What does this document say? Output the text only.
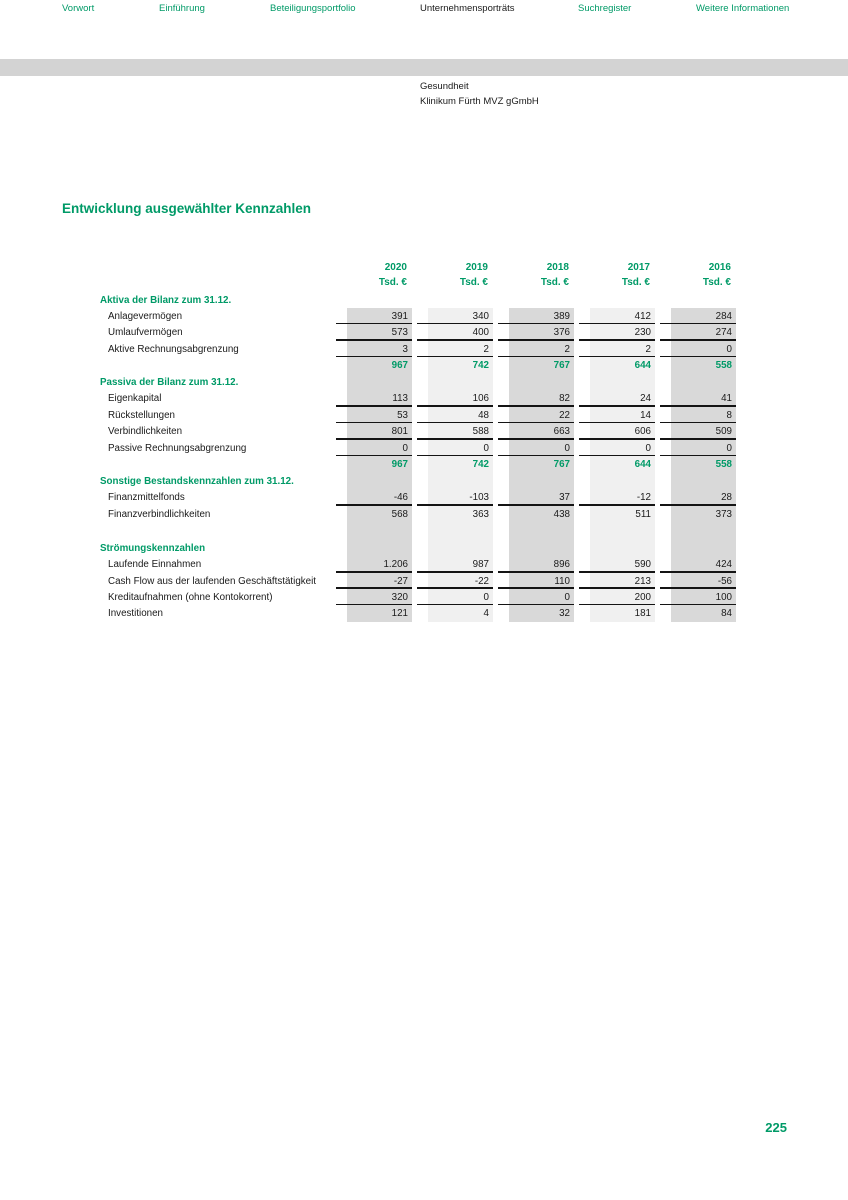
Vorwort	Einführung	Beteiligungsportfolio	Unternehmensporträts	Suchregister	Weitere Informationen
Gesundheit
Klinikum Fürth MVZ gGmbH
Entwicklung ausgewählter Kennzahlen
2020	2019	2018	2017	2016
Tsd. €	Tsd. €	Tsd. €	Tsd. €	Tsd. €
Aktiva der Bilanz zum 31.12.
Anlagevermögen	391	340	389	412	284
Umlaufvermögen	573	400	376	230	274
Aktive Rechnungsabgrenzung	3	2	2	2	0
967	742	767	644	558
Passiva der Bilanz zum 31.12.
Eigenkapital	113	106	82	24	41
Rückstellungen	53	48	22	14	8
Verbindlichkeiten	801	588	663	606	509
Passive Rechnungsabgrenzung	0	0	0	0	0
967	742	767	644	558
Sonstige Bestandskennzahlen zum 31.12.
Finanzmittelfonds	-46	-103	37	-12	28
Finanzverbindlichkeiten	568	363	438	511	373
Strömungskennzahlen
Laufende Einnahmen	1.206	987	896	590	424
Cash Flow aus der laufenden Geschäftstätigkeit	-27	-22	110	213	-56
Kreditaufnahmen (ohne Kontokorrent)	320	0	0	200	100
Investitionen	121	4	32	181	84
225
